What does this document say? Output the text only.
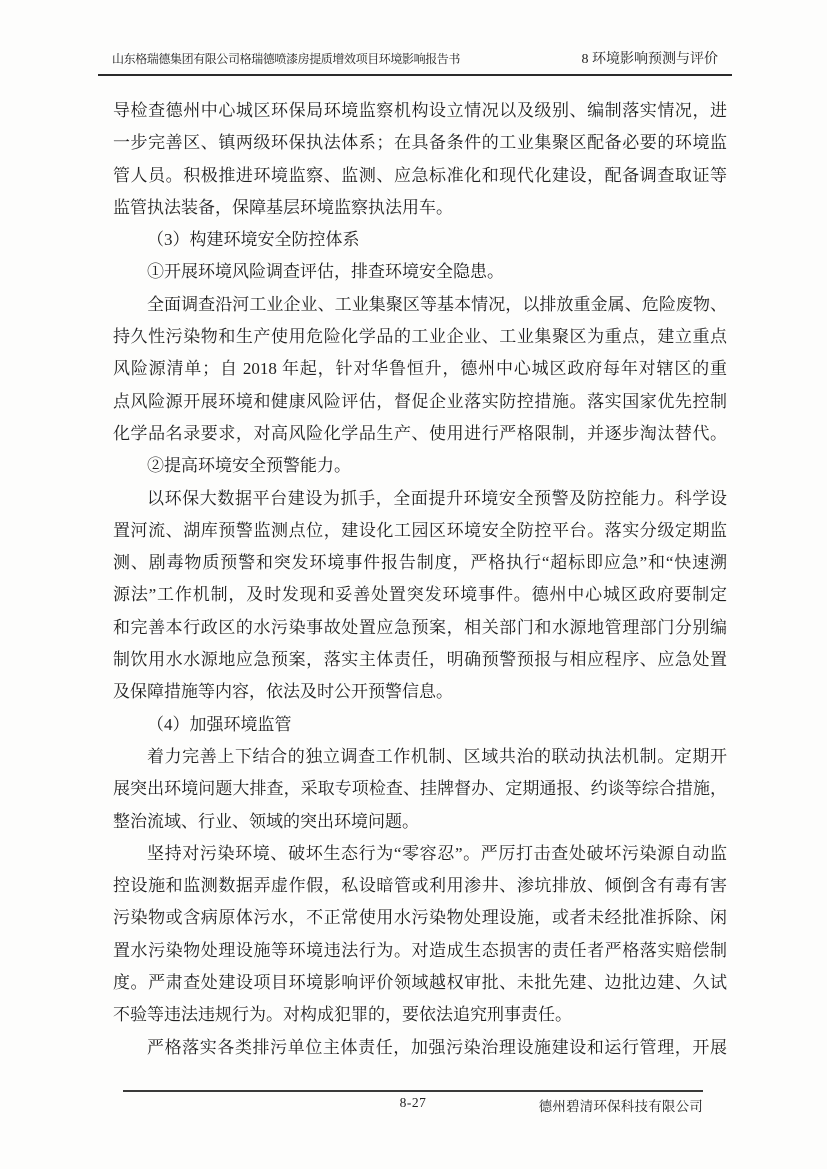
山东格瑞德集团有限公司格瑞德喷漆房提质增效项目环境影响报告书	8 环境影响预测与评价
导检查德州中心城区环保局环境监察机构设立情况以及级别、编制落实情况，进
一步完善区、镇两级环保执法体系；在具备条件的工业集聚区配备必要的环境监
管人员。积极推进环境监察、监测、应急标准化和现代化建设，配备调查取证等
监管执法装备，保障基层环境监察执法用车。
（3）构建环境安全防控体系
①开展环境风险调查评估，排查环境安全隐患。
全面调查沿河工业企业、工业集聚区等基本情况，以排放重金属、危险废物、
持久性污染物和生产使用危险化学品的工业企业、工业集聚区为重点，建立重点
风险源清单；自 2018 年起，针对华鲁恒升，德州中心城区政府每年对辖区的重
点风险源开展环境和健康风险评估，督促企业落实防控措施。落实国家优先控制
化学品名录要求，对高风险化学品生产、使用进行严格限制，并逐步淘汰替代。
②提高环境安全预警能力。
以环保大数据平台建设为抓手，全面提升环境安全预警及防控能力。科学设
置河流、湖库预警监测点位，建设化工园区环境安全防控平台。落实分级定期监
测、剧毒物质预警和突发环境事件报告制度，严格执行“超标即应急”和“快速溯
源法”工作机制，及时发现和妥善处置突发环境事件。德州中心城区政府要制定
和完善本行政区的水污染事故处置应急预案，相关部门和水源地管理部门分别编
制饮用水水源地应急预案，落实主体责任，明确预警预报与相应程序、应急处置
及保障措施等内容，依法及时公开预警信息。
（4）加强环境监管
着力完善上下结合的独立调查工作机制、区域共治的联动执法机制。定期开
展突出环境问题大排查，采取专项检查、挂牌督办、定期通报、约谈等综合措施，
整治流域、行业、领域的突出环境问题。
坚持对污染环境、破坏生态行为“零容忍”。严厉打击查处破坏污染源自动监
控设施和监测数据弄虚作假，私设暗管或利用渗井、渗坑排放、倾倒含有毒有害
污染物或含病原体污水，不正常使用水污染物处理设施，或者未经批准拆除、闲
置水污染物处理设施等环境违法行为。对造成生态损害的责任者严格落实赔偿制
度。严肃查处建设项目环境影响评价领域越权审批、未批先建、边批边建、久试
不验等违法违规行为。对构成犯罪的，要依法追究刑事责任。
严格落实各类排污单位主体责任，加强污染治理设施建设和运行管理，开展
8-27	德州碧清环保科技有限公司
